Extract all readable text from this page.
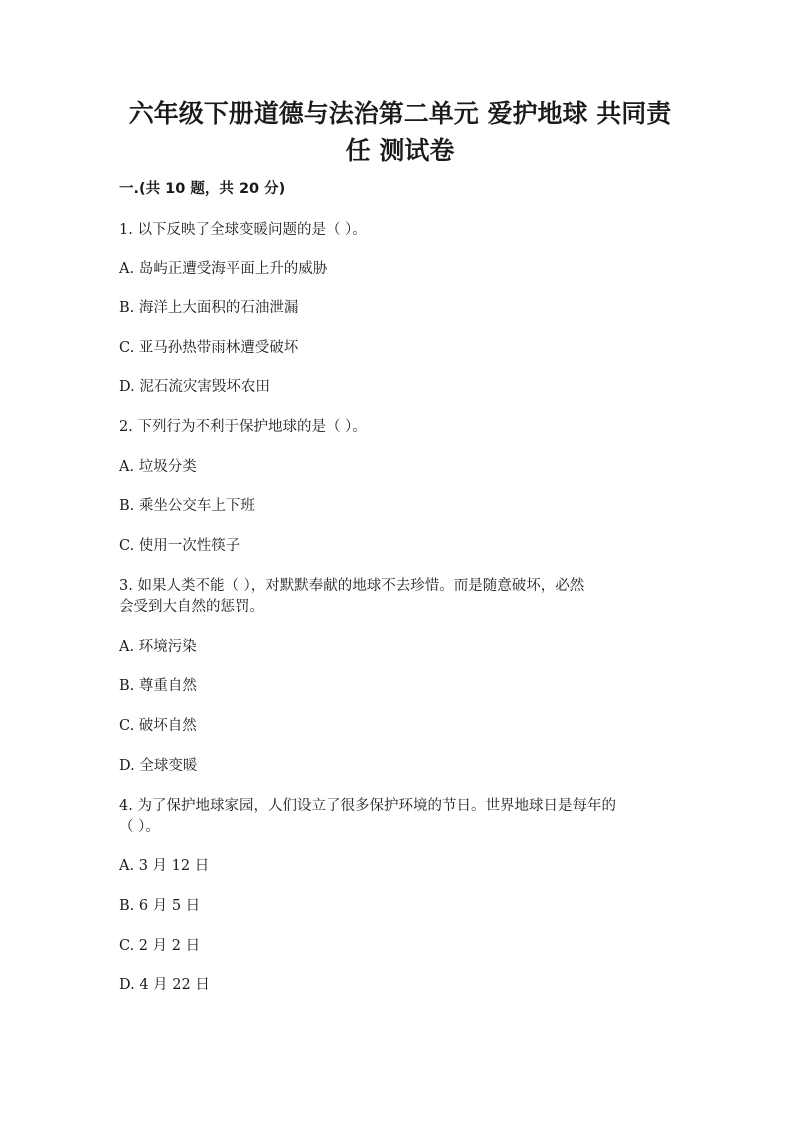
六年级下册道德与法治第二单元 爱护地球 共同责任 测试卷
一.(共 10 题，共 20 分)
1. 以下反映了全球变暖问题的是（ ）。
A. 岛屿正遭受海平面上升的威胁
B. 海洋上大面积的石油泄漏
C. 亚马孙热带雨林遭受破坏
D. 泥石流灾害毁坏农田
2. 下列行为不利于保护地球的是（ ）。
A. 垃圾分类
B. 乘坐公交车上下班
C. 使用一次性筷子
3. 如果人类不能（ ），对默默奉献的地球不去珍惜。而是随意破坏，必然
会受到大自然的惩罚。
A. 环境污染
B. 尊重自然
C. 破坏自然
D. 全球变暖
4. 为了保护地球家园，人们设立了很多保护环境的节日。世界地球日是每年的
（ ）。
A. 3 月 12 日
B. 6 月 5 日
C. 2 月 2 日
D. 4 月 22 日
